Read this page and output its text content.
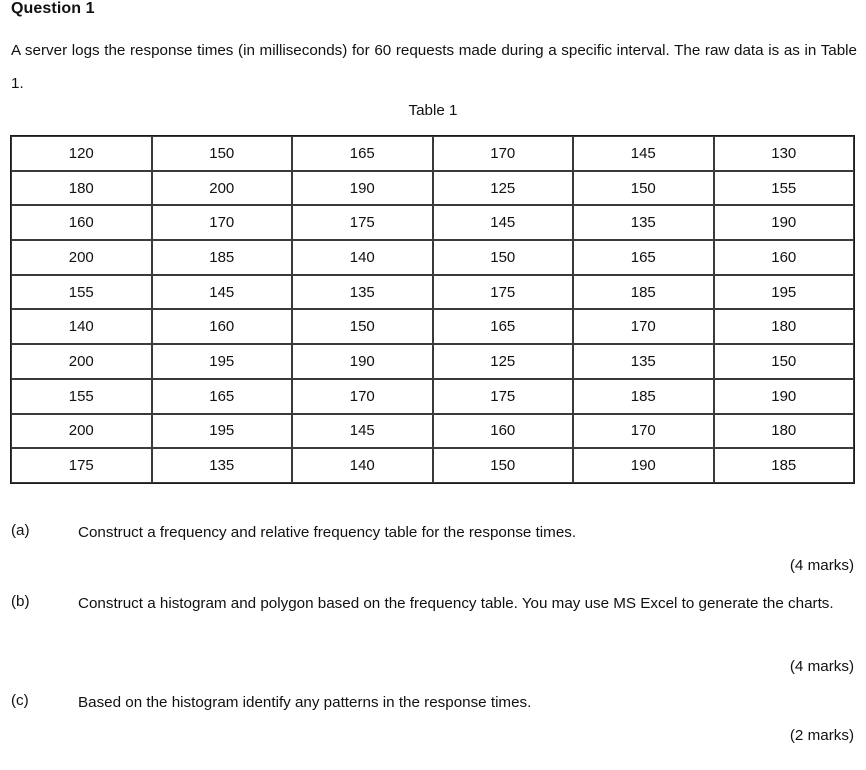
Question 1
A server logs the response times (in milliseconds) for 60 requests made during a specific interval. The raw data is as in Table 1.
Table 1
120	150	165	170	145	130
180	200	190	125	150	155
160	170	175	145	135	190
200	185	140	150	165	160
155	145	135	175	185	195
140	160	150	165	170	180
200	195	190	125	135	150
155	165	170	175	185	190
200	195	145	160	170	180
175	135	140	150	190	185
(a)	Construct a frequency and relative frequency table for the response times.
(4 marks)
(b)	Construct a histogram and polygon based on the frequency table. You may use MS Excel to generate the charts.
(4 marks)
(c)	Based on the histogram identify any patterns in the response times.
(2 marks)
